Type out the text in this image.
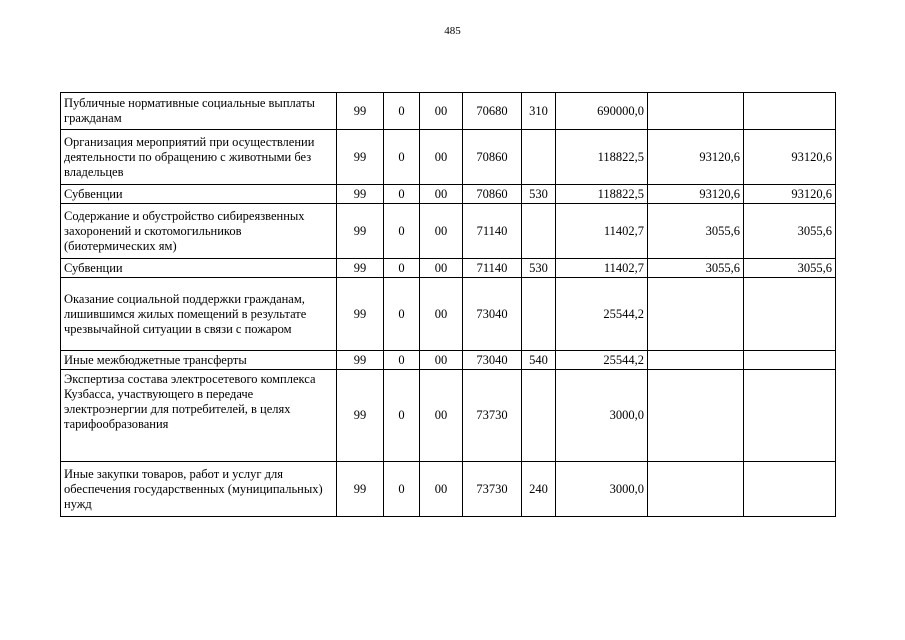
485
Публичные нормативные социальные выплаты гражданам	99	0	00	70680	310	690000,0		
Организация мероприятий при осуществлении деятельности по обращению с животными без владельцев	99	0	00	70860		118822,5	93120,6	93120,6
Субвенции	99	0	00	70860	530	118822,5	93120,6	93120,6
Содержание и обустройство сибиреязвенных захоронений и скотомогильников (биотермических ям)	99	0	00	71140		11402,7	3055,6	3055,6
Субвенции	99	0	00	71140	530	11402,7	3055,6	3055,6
Оказание социальной поддержки гражданам, лишившимся жилых помещений в результате чрезвычайной ситуации в связи с пожаром	99	0	00	73040		25544,2		
Иные межбюджетные трансферты	99	0	00	73040	540	25544,2		
Экспертиза состава электросетевого комплекса Кузбасса, участвующего в передаче электроэнергии для потребителей, в целях тарифообразования	99	0	00	73730		3000,0		
Иные закупки товаров, работ и услуг для обеспечения государственных (муниципальных) нужд	99	0	00	73730	240	3000,0		
